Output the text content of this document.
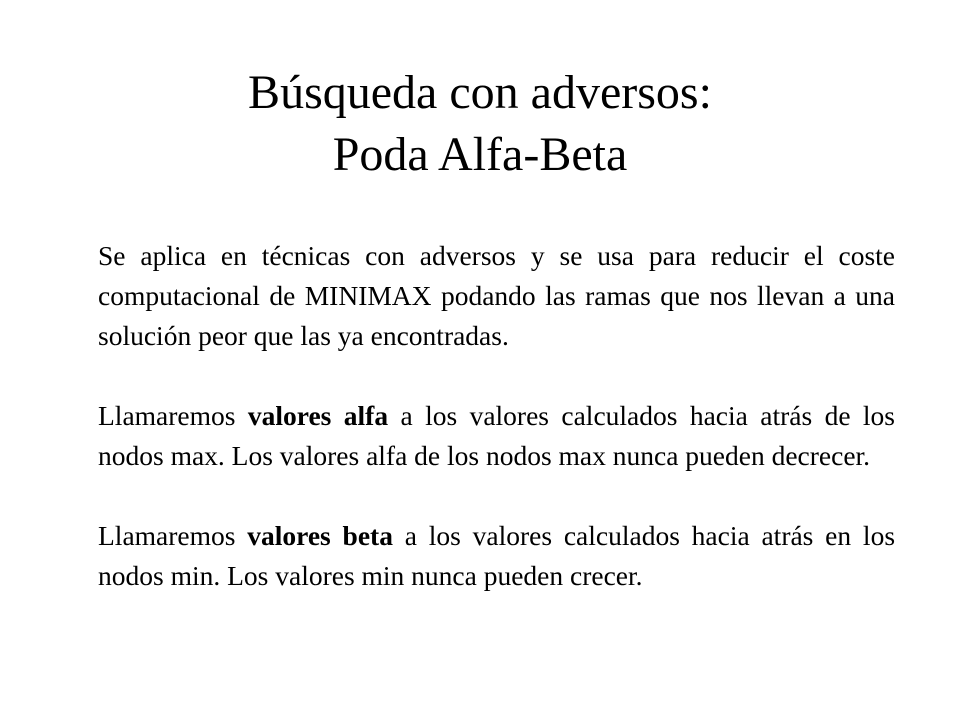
Búsqueda con adversos:
Poda Alfa-Beta

Se aplica en técnicas con adversos y se usa para reducir el coste computacional de MINIMAX podando las ramas que nos llevan a una solución peor que las ya encontradas.

Llamaremos valores alfa a los valores calculados hacia atrás de los nodos max. Los valores alfa de los nodos max nunca pueden decrecer.

Llamaremos valores beta a los valores calculados hacia atrás en los nodos min. Los valores min nunca pueden crecer.
